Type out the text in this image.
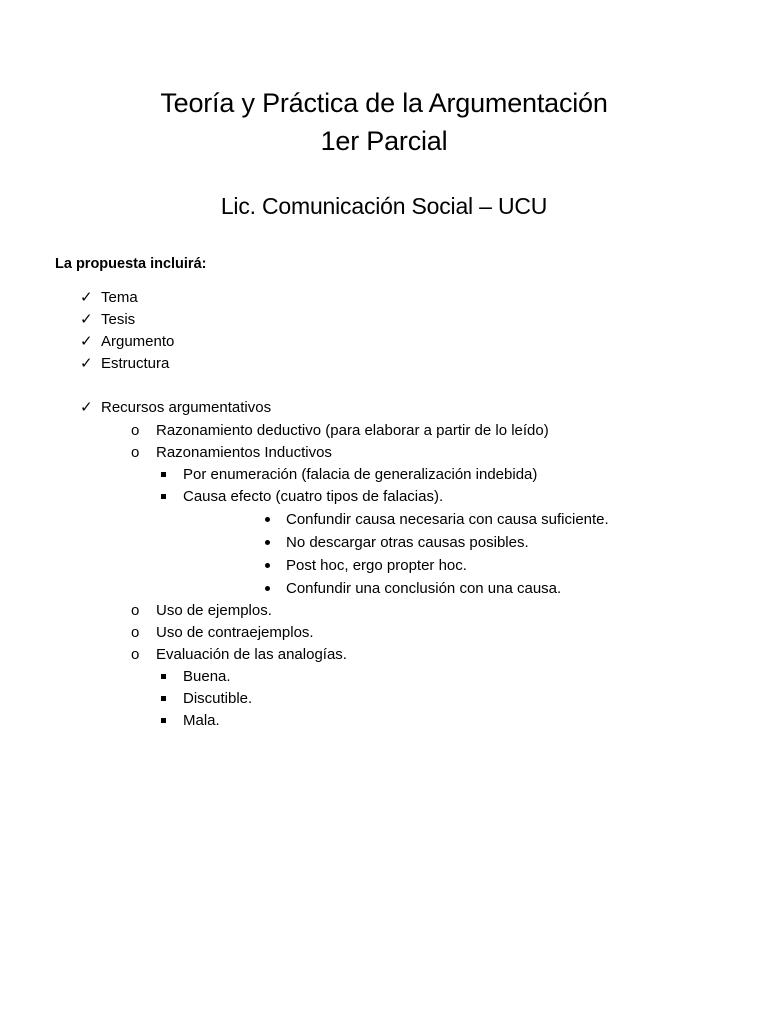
Teoría y Práctica de la Argumentación
1er Parcial
Lic. Comunicación Social – UCU
La propuesta incluirá:
✓ Tema
✓ Tesis
✓ Argumento
✓ Estructura
✓ Recursos argumentativos
o Razonamiento deductivo (para elaborar a partir de lo leído)
o Razonamientos Inductivos
Por enumeración (falacia de generalización indebida)
Causa efecto (cuatro tipos de falacias).
Confundir causa necesaria con causa suficiente.
No descargar otras causas posibles.
Post hoc, ergo propter hoc.
Confundir una conclusión con una causa.
o Uso de ejemplos.
o Uso de contraejemplos.
o Evaluación de las analogías.
Buena.
Discutible.
Mala.
